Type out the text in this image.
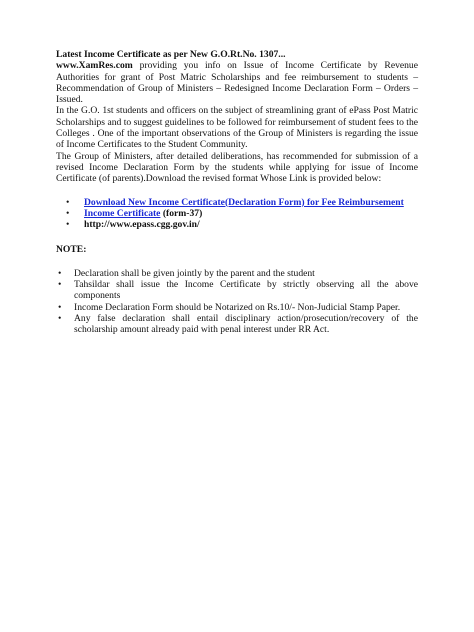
Latest Income Certificate as per New G.O.Rt.No. 1307...

www.XamRes.com providing you info on Issue of Income Certificate by Revenue Authorities for grant of Post Matric Scholarships and fee reimbursement to students – Recommendation of Group of Ministers – Redesigned Income Declaration Form – Orders –Issued.

In the G.O. 1st students and officers on the subject of streamlining grant of ePass Post Matric Scholarships and to suggest guidelines to be followed for reimbursement of student fees to the Colleges . One of the important observations of the Group of Ministers is regarding the issue of Income Certificates to the Student Community.

The Group of Ministers, after detailed deliberations, has recommended for submission of a revised Income Declaration Form by the students while applying for issue of Income Certificate (of parents).Download the revised format Whose Link is provided below:

• Download New Income Certificate(Declaration Form) for Fee Reimbursement
• Income Certificate (form-37)
• http://www.epass.cgg.gov.in/

NOTE:

• Declaration shall be given jointly by the parent and the student
• Tahsildar shall issue the Income Certificate by strictly observing all the above components
• Income Declaration Form should be Notarized on Rs.10/- Non-Judicial Stamp Paper.
• Any false declaration shall entail disciplinary action/prosecution/recovery of the scholarship amount already paid with penal interest under RR Act.
